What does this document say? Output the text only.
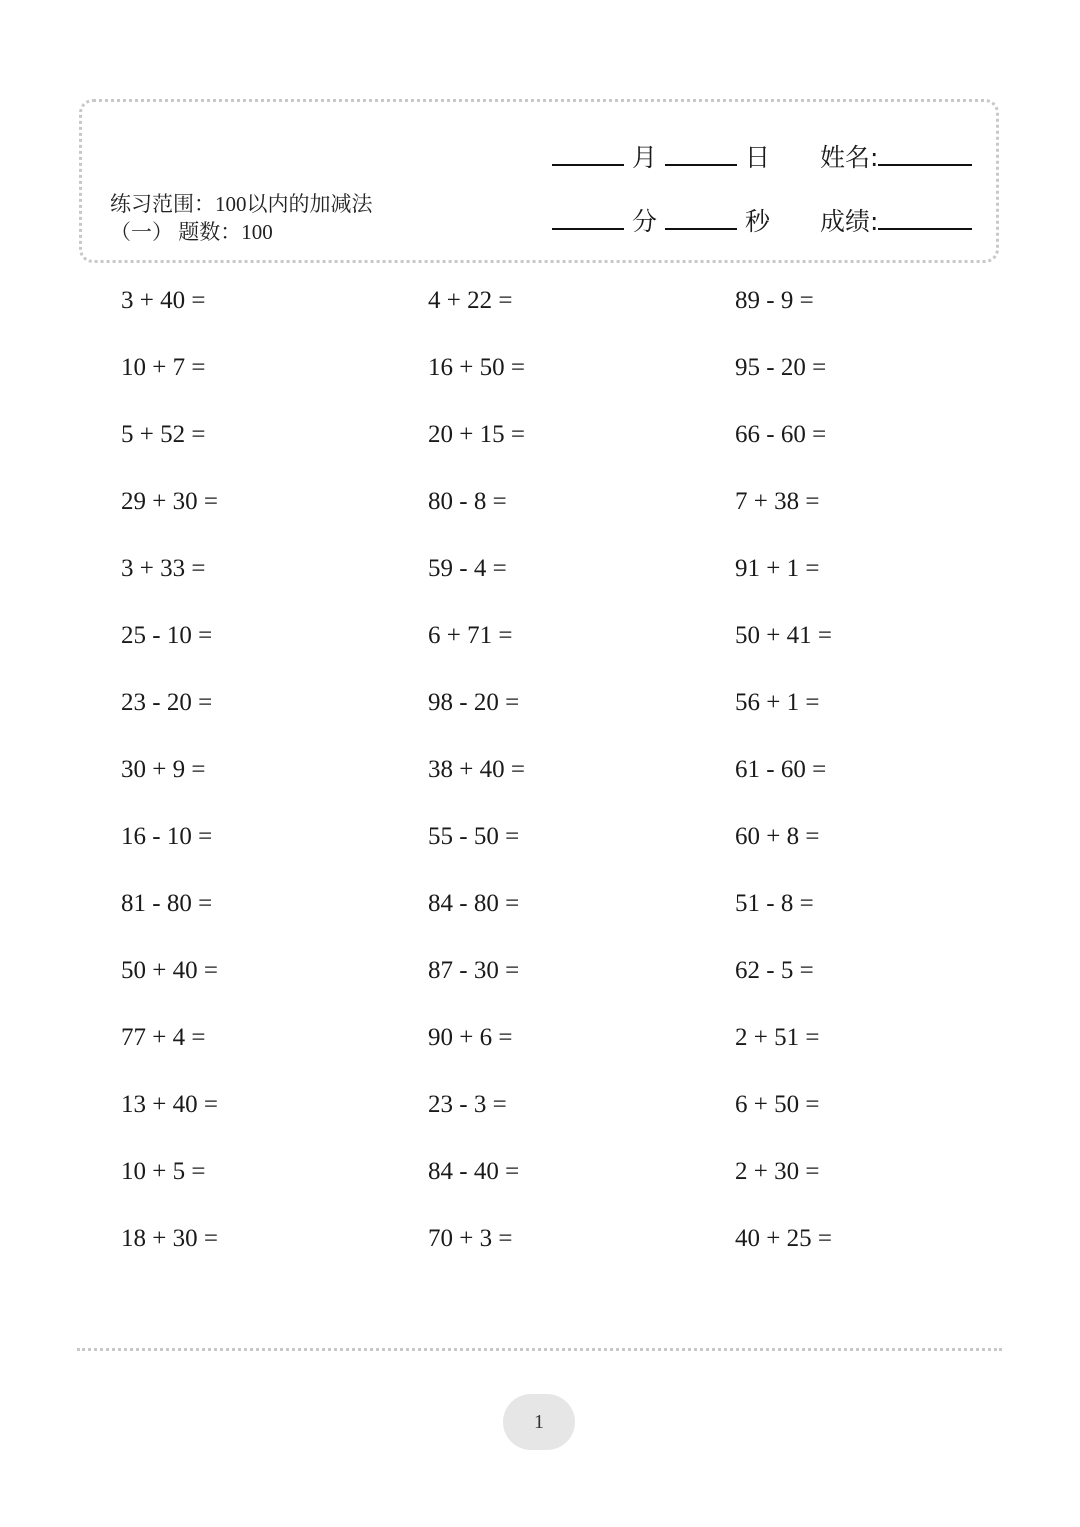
练习范围：100以内的加减法
（一） 题数：100
月	日 姓名:
分	秒 成绩:
3 + 40 =	4 + 22 =	89 - 9 =
10 + 7 =	16 + 50 =	95 - 20 =
5 + 52 =	20 + 15 =	66 - 60 =
29 + 30 =	80 - 8 =	7 + 38 =
3 + 33 =	59 - 4 =	91 + 1 =
25 - 10 =	6 + 71 =	50 + 41 =
23 - 20 =	98 - 20 =	56 + 1 =
30 + 9 =	38 + 40 =	61 - 60 =
16 - 10 =	55 - 50 =	60 + 8 =
81 - 80 =	84 - 80 =	51 - 8 =
50 + 40 =	87 - 30 =	62 - 5 =
77 + 4 =	90 + 6 =	2 + 51 =
13 + 40 =	23 - 3 =	6 + 50 =
10 + 5 =	84 - 40 =	2 + 30 =
18 + 30 =	70 + 3 =	40 + 25 =
1
